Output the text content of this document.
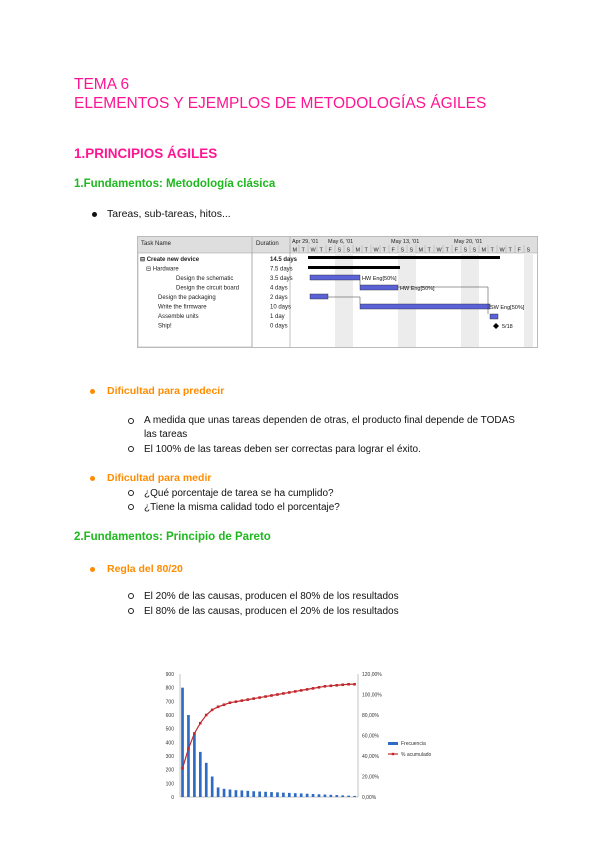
TEMA 6
ELEMENTOS Y EJEMPLOS DE METODOLOGÍAS ÁGILES
1.PRINCIPIOS ÁGILES
1.Fundamentos: Metodología clásica
Tareas, sub-tareas, hitos...
Apr 29, '01 May 6, '01	May 13, '01	May 20, '01
M T W T F S S M T W T F S S M T W T F S S M T W T F S
Task Name	Duration
⊟ Create new device	14.5 days
⊟ Hardware	7.5 days
Design the schematic	3.5 days
Design the circuit board	4 days
Design the packaging	2 days
Write the firmware	10 days
Assemble units	1 day
Ship!	0 days
HW Eng[50%]
HW Eng[50%]
SW Eng[50%]
5/18
Dificultad para predecir
A medida que unas tareas dependen de otras, el producto final depende de TODAS las tareas
El 100% de las tareas deben ser correctas para lograr el éxito.
Dificultad para medir
¿Qué porcentaje de tarea se ha cumplido?
¿Tiene la misma calidad todo el porcentaje?
2.Fundamentos: Principio de Pareto
Regla del 80/20
El 20% de las causas, producen el 80% de los resultados
El 80% de las causas, producen el 20% de los resultados
900
800
700
600
500
400
300
200
100
0
120,00%
100,00%
80,00%
60,00%
40,00%
20,00%
0,00%
Frecuencia
% acumulado
